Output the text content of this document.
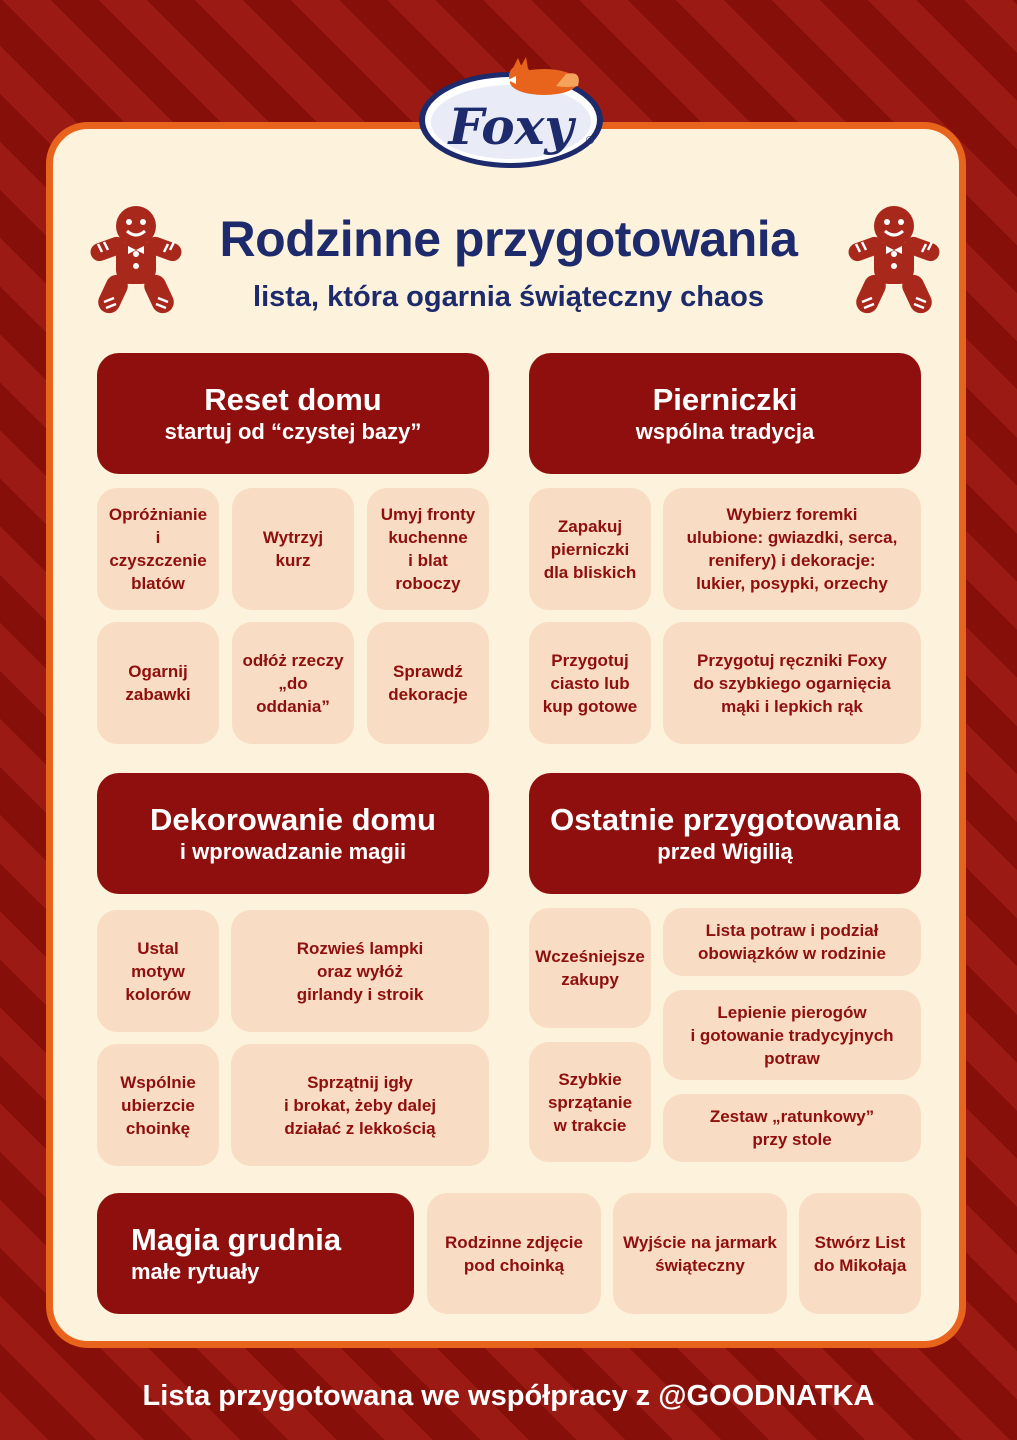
Foxy ®
Rodzinne przygotowania
lista, która ogarnia świąteczny chaos
Reset domu
startuj od “czystej bazy”
Opróżnianie
i czyszczenie
blatów
Wytrzyj
kurz
Umyj fronty
kuchenne
i blat
roboczy
Ogarnij
zabawki
odłóż rzeczy
„do oddania”
Sprawdź
dekoracje
Pierniczki
wspólna tradycja
Zapakuj
pierniczki
dla bliskich
Wybierz foremki
ulubione: gwiazdki, serca,
renifery) i dekoracje:
lukier, posypki, orzechy
Przygotuj
ciasto lub
kup gotowe
Przygotuj ręczniki Foxy
do szybkiego ogarnięcia
mąki i lepkich rąk
Dekorowanie domu
i wprowadzanie magii
Ustal
motyw
kolorów
Rozwieś lampki
oraz wyłóż
girlandy i stroik
Wspólnie
ubierzcie
choinkę
Sprzątnij igły
i brokat, żeby dalej
działać z lekkością
Ostatnie przygotowania
przed Wigilią
Wcześniejsze
zakupy
Lista potraw i podział
obowiązków w rodzinie
Lepienie pierogów
i gotowanie tradycyjnych
potraw
Szybkie
sprzątanie
w trakcie	Zestaw „ratunkowy”
przy stole
Magia grudnia
małe rytuały
Rodzinne zdjęcie
pod choinką
Wyjście na jarmark
świąteczny
Stwórz List
do Mikołaja
Lista przygotowana we współpracy z @GOODNATKA
